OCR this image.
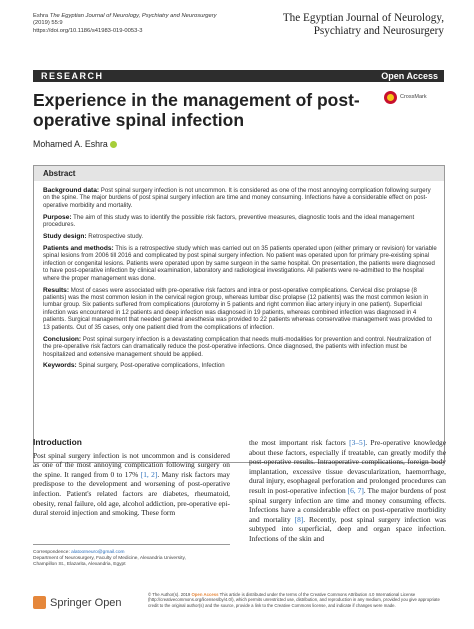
Eshra The Egyptian Journal of Neurology, Psychiatry and Neurosurgery
(2019) 55:9
https://doi.org/10.1186/s41983-019-0053-3
The Egyptian Journal of Neurology,
Psychiatry and Neurosurgery
RESEARCH	Open Access
CrossMark
Experience in the management of post-operative spinal infection
Mohamed A. Eshra
Abstract

Background data: Post spinal surgery infection is not uncommon. It is considered as one of the most annoying complication following surgery on the spine. The major burdens of post spinal surgery infection are time and money consuming. Infections have a considerable effect on post-operative morbidity and mortality.

Purpose: The aim of this study was to identify the possible risk factors, preventive measures, diagnostic tools and the ideal management procedures.

Study design: Retrospective study.

Patients and methods: This is a retrospective study which was carried out on 35 patients operated upon (either primary or revision) for variable spinal lesions from 2006 till 2016 and complicated by post spinal surgery infection. No patient was operated upon for primary pre-existing spinal infection or congenital lesions. Patients were operated upon by same surgeon in the same hospital. On presentation, the patients were diagnosed to have post-operative infection by clinical examination, laboratory and radiological investigations. All patients were re-admitted to the hospital where the proper management was done.

Results: Most of cases were associated with pre-operative risk factors and intra or post-operative complications. Cervical disc prolapse (8 patients) was the most common lesion in the cervical region group, whereas lumbar disc prolapse (12 patients) was the most common lesion in lumbar group. Six patients suffered from complications (durotomy in 5 patients and right common iliac artery injury in one patient). Superficial infection was encountered in 12 patients and deep infection was diagnosed in 19 patients, whereas combined infection was diagnosed in 4 patients. Surgical management that needed general anesthesia was provided to 22 patients whereas conservative management was provided to 13 patients. Out of 35 cases, only one patient died from the complications of infection.

Conclusion: Post spinal surgery infection is a devastating complication that needs multi-modalities for prevention and control. Neutralization of the pre-operative risk factors can dramatically reduce the post-operative infections. Once diagnosed, the patients with infection must be hospitalized and extensive management should be applied.

Keywords: Spinal surgery, Post-operative complications, Infection

Introduction

Post spinal surgery infection is not uncommon and is considered as one of the most annoying complication following surgery on the spine. It ranged from 0 to 17% [1, 2]. Many risk factors may predispose to the development and worsening of post-operative infection. Patient's related factors are diabetes, rheumatoid, obesity, renal failure, old age, alcohol addiction, pre-operative epi-dural steroid injection and smoking. These form

the most important risk factors [3–5]. Pre-operative knowledge about these factors, especially if treatable, can greatly modify the post-operative results. Intraoperative complications, foreign body implantation, excessive tissue devascularization, haemorrhage, dural injury, esophageal perforation and prolonged procedures can result in post-operative infection [6, 7]. The major burdens of post spinal surgery infection are time and money consuming effects. Infections have a considerable effect on post-operative morbidity and mortality [8]. Recently, post spinal surgery infection was subtyped into superficial, deep and organ space infection. Infections of the skin and

Correspondence: alatooIneuro@gmail.com
Department of Neurosurgery, Faculty of Medicine, Alexandria University,
Champillon St., Elazarita, Alexandria, Egypt
Springer Open
© The Author(s). 2019 Open Access This article is distributed under the terms of the Creative Commons Attribution 4.0 International License (http://creativecommons.org/licenses/by/4.0/), which permits unrestricted use, distribution, and reproduction in any medium, provided you give appropriate credit to the original author(s) and the source, provide a link to the Creative Commons license, and indicate if changes were made.
